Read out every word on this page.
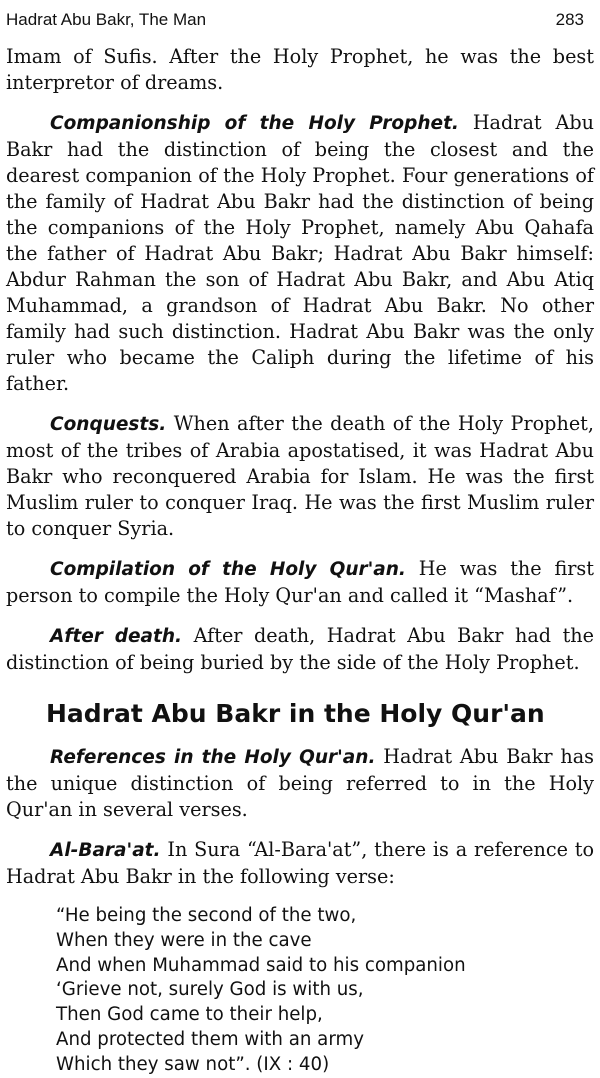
Hadrat Abu Bakr, The Man	283

Imam of Sufis. After the Holy Prophet, he was the best interpretor of dreams.

Companionship of the Holy Prophet. Hadrat Abu Bakr had the distinction of being the closest and the dearest companion of the Holy Prophet. Four generations of the family of Hadrat Abu Bakr had the distinction of being the companions of the Holy Prophet, namely Abu Qahafa the father of Hadrat Abu Bakr; Hadrat Abu Bakr himself: Abdur Rahman the son of Hadrat Abu Bakr, and Abu Atiq Muhammad, a grandson of Hadrat Abu Bakr. No other family had such distinction. Hadrat Abu Bakr was the only ruler who became the Caliph during the lifetime of his father.

Conquests. When after the death of the Holy Prophet, most of the tribes of Arabia apostatised, it was Hadrat Abu Bakr who reconquered Arabia for Islam. He was the first Muslim ruler to conquer Iraq. He was the first Muslim ruler to conquer Syria.

Compilation of the Holy Qur'an. He was the first person to compile the Holy Qur'an and called it “Mashaf”.

After death. After death, Hadrat Abu Bakr had the distinction of being buried by the side of the Holy Prophet.

Hadrat Abu Bakr in the Holy Qur'an

References in the Holy Qur'an. Hadrat Abu Bakr has the unique distinction of being referred to in the Holy Qur'an in several verses.

Al-Bara'at. In Sura “Al-Bara'at”, there is a reference to Hadrat Abu Bakr in the following verse:

“He being the second of the two,
When they were in the cave
And when Muhammad said to his companion
‘Grieve not, surely God is with us,
Then God came to their help,
And protected them with an army
Which they saw not”. (IX : 40)
